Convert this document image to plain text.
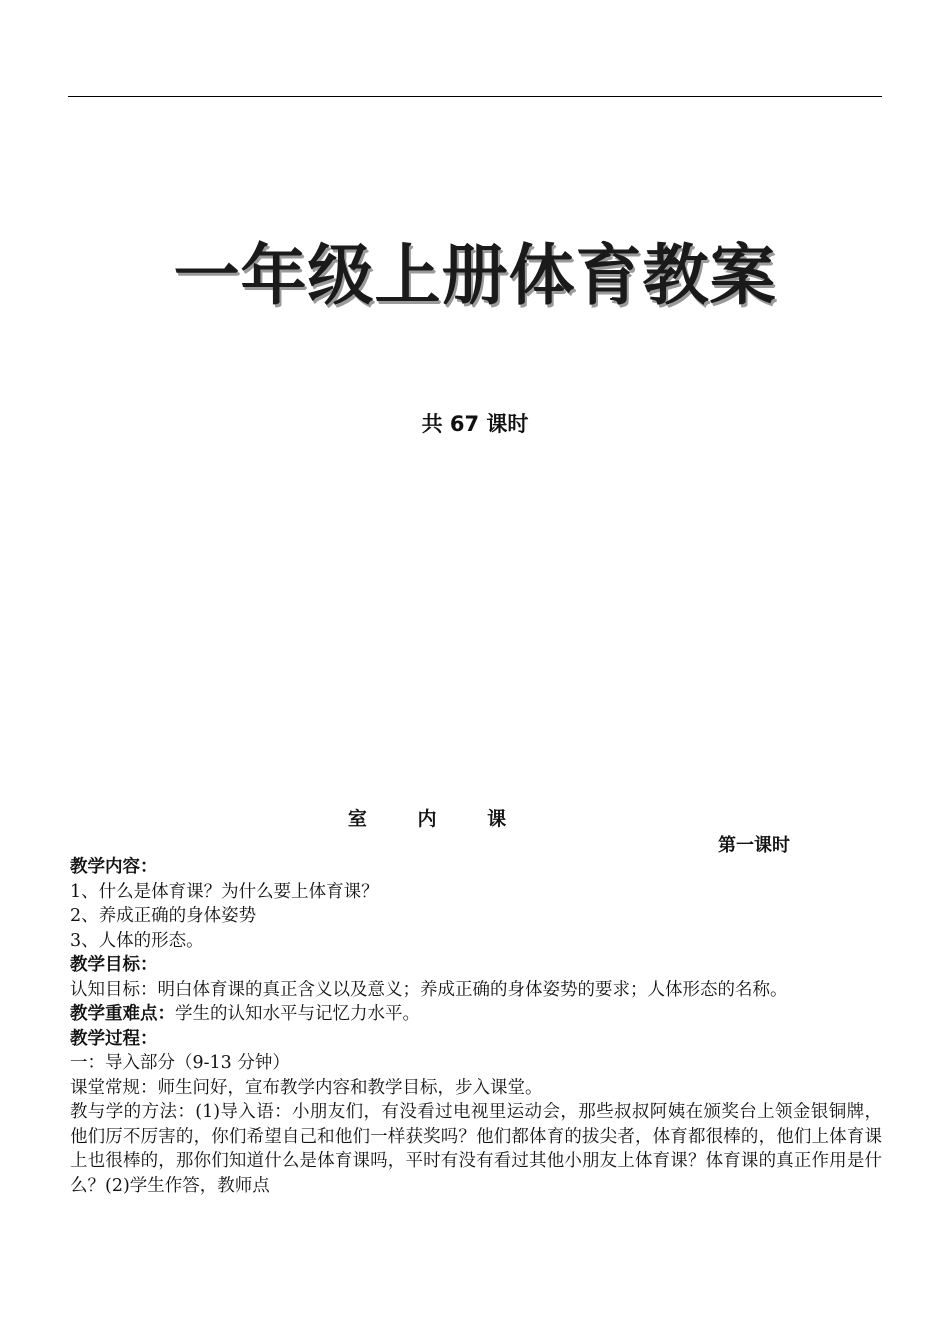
一年级上册体育教案
共 67 课时
室 内 课
第一课时

教学内容：

1、什么是体育课？为什么要上体育课？

2、养成正确的身体姿势

3、人体的形态。

教学目标：

认知目标：明白体育课的真正含义以及意义；养成正确的身体姿势的要求；人体形态的名称。

教学重难点：学生的认知水平与记忆力水平。

教学过程：

一：导入部分（9-13 分钟）

课堂常规：师生问好，宣布教学内容和教学目标，步入课堂。

教与学的方法：(1)导入语：小朋友们，有没看过电视里运动会，那些叔叔阿姨在颁奖台上领金银铜牌，他们厉不厉害的，你们希望自己和他们一样获奖吗？他们都体育的拔尖者，体育都很棒的，他们上体育课上也很棒的，那你们知道什么是体育课吗，平时有没有看过其他小朋友上体育课？体育课的真正作用是什么？(2)学生作答，教师点
